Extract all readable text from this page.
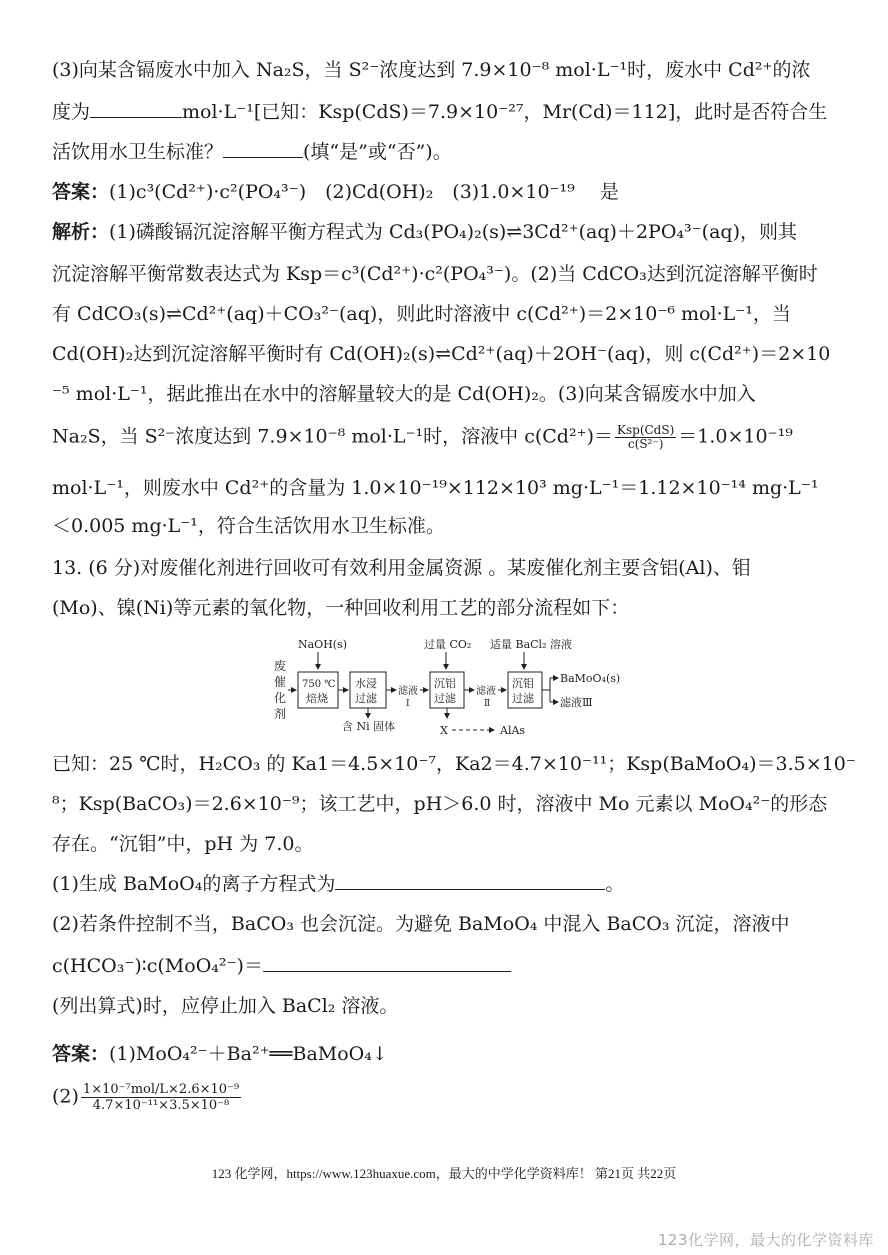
(3)向某含镉废水中加入 Na₂S，当 S²⁻浓度达到 7.9×10⁻⁸ mol·L⁻¹时，废水中 Cd²⁺的浓
度为	mol·L⁻¹[已知：Ksp(CdS)＝7.9×10⁻²⁷，Mr(Cd)＝112]，此时是否符合生
活饮用水卫生标准？	(填“是”或“否”)。
答案：(1)c³(Cd²⁺)·c²(PO₄³⁻)　(2)Cd(OH)₂　(3)1.0×10⁻¹⁹　 是
解析：(1)磷酸镉沉淀溶解平衡方程式为 Cd₃(PO₄)₂(s)⇌3Cd²⁺(aq)＋2PO₄³⁻(aq)，则其
沉淀溶解平衡常数表达式为 Ksp＝c³(Cd²⁺)·c²(PO₄³⁻)。(2)当 CdCO₃达到沉淀溶解平衡时
有 CdCO₃(s)⇌Cd²⁺(aq)＋CO₃²⁻(aq)，则此时溶液中 c(Cd²⁺)＝2×10⁻⁶ mol·L⁻¹，当
Cd(OH)₂达到沉淀溶解平衡时有 Cd(OH)₂(s)⇌Cd²⁺(aq)＋2OH⁻(aq)，则 c(Cd²⁺)＝2×10
⁻⁵ mol·L⁻¹，据此推出在水中的溶解量较大的是 Cd(OH)₂。(3)向某含镉废水中加入
Na₂S，当 S²⁻浓度达到 7.9×10⁻⁸ mol·L⁻¹时，溶液中 $c(Cd^{2+})= \frac{\text{Ksp(CdS)}}{\text{c(S²⁻)}} =1.0\times 10^{-19}$
mol·L⁻¹，则废水中 Cd²⁺的含量为 1.0×10⁻¹⁹×112×10³ mg·L⁻¹＝1.12×10⁻¹⁴ mg·L⁻¹
＜0.005 mg·L⁻¹，符合生活饮用水卫生标准。
13. (6 分)对废催化剂进行回收可有效利用金属资源 。某废催化剂主要含铝(Al)、钼
(Mo)、镍(Ni)等元素的氧化物，一种回收利用工艺的部分流程如下：
废
催
化
剂
NaOH(s)
750 ℃
焙烧
水浸
过滤
含 Ni 固体
滤液
Ⅰ
过量 CO₂
沉铝
过滤
X	AlAs
滤液
Ⅱ
适量 BaCl₂ 溶液
沉钼
过滤
BaMoO₄(s)
滤液Ⅲ
已知：25 ℃时，H₂CO₃ 的 Ka1＝4.5×10⁻⁷，Ka2＝4.7×10⁻¹¹；Ksp(BaMoO₄)＝3.5×10⁻
⁸；Ksp(BaCO₃)＝2.6×10⁻⁹；该工艺中，pH＞6.0 时，溶液中 Mo 元素以 MoO₄²⁻的形态
存在。“沉钼”中，pH 为 7.0。
(1)生成 BaMoO₄的离子方程式为	。
(2)若条件控制不当，BaCO₃ 也会沉淀。为避免 BaMoO₄ 中混入 BaCO₃ 沉淀，溶液中
c(HCO₃⁻)∶c(MoO₄²⁻)＝
(列出算式)时，应停止加入 BaCl₂ 溶液。
答案：(1)MoO₄²⁻＋Ba²⁺══BaMoO₄↓
$(2) \frac{\text{1×10⁻⁷mol/L×2.6×10⁻⁹}}{\text{4.7×10⁻¹¹×3.5×10⁻⁸}}$
123 化学网，https://www.123huaxue.com，最大的中学化学资料库！ 第21页 共22页
123化学网，最大的化学资料库
